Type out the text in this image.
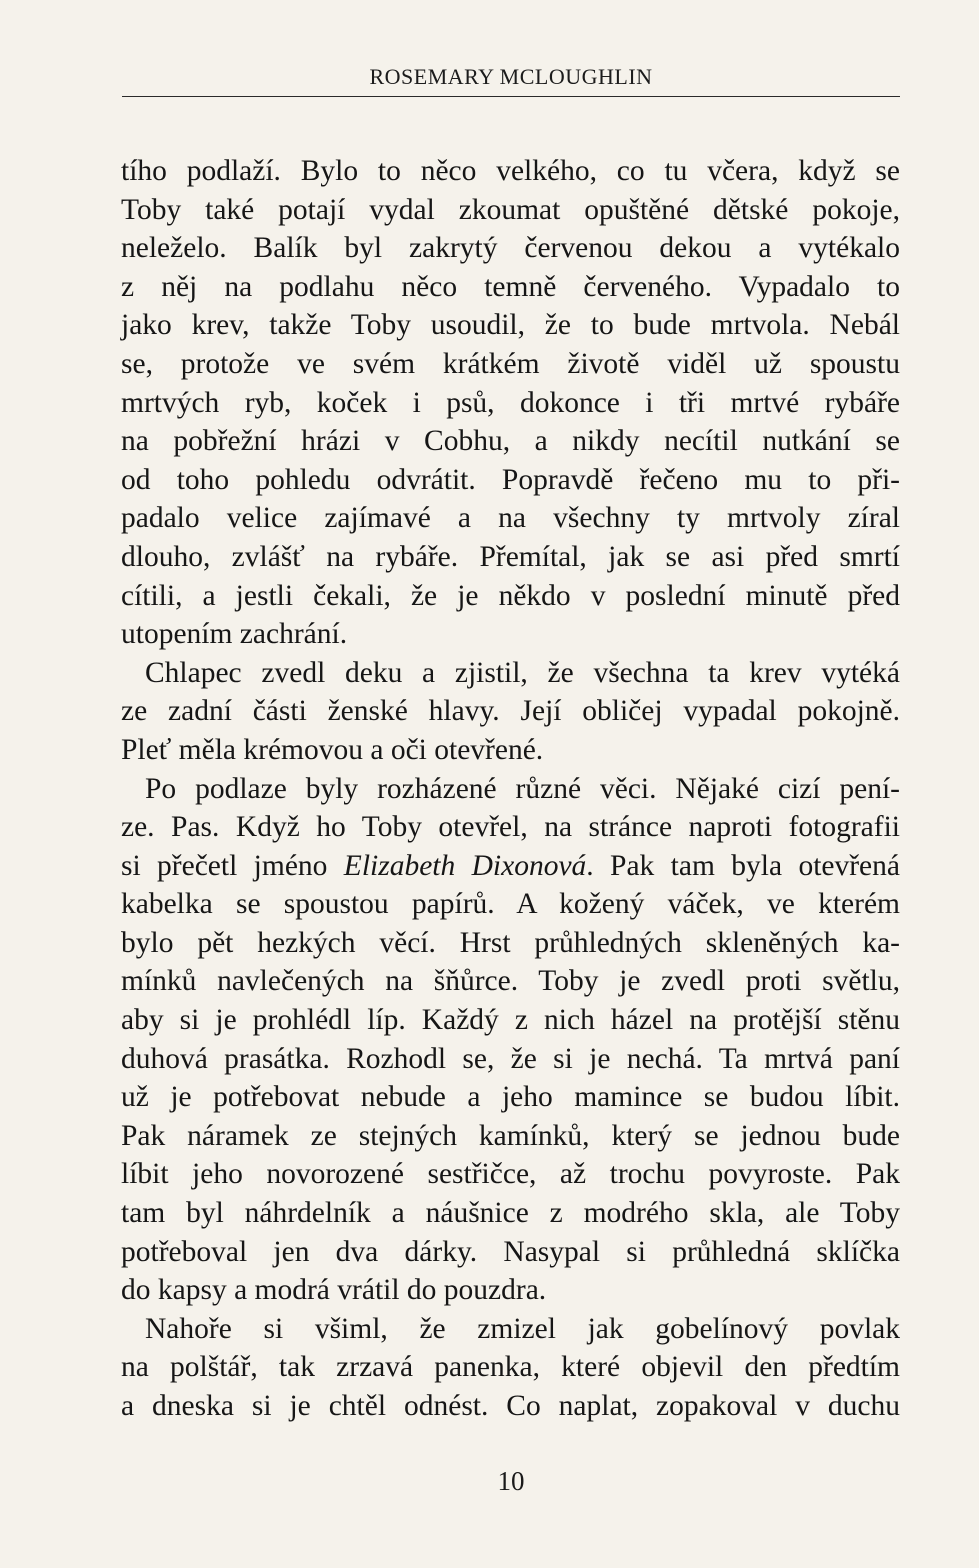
ROSEMARY MCLOUGHLIN
tího podlaží. Bylo to něco velkého, co tu včera, když se
Toby také potají vydal zkoumat opuštěné dětské pokoje,
neleželo. Balík byl zakrytý červenou dekou a vytékalo
z něj na podlahu něco temně červeného. Vypadalo to
jako krev, takže Toby usoudil, že to bude mrtvola. Nebál
se, protože ve svém krátkém životě viděl už spoustu
mrtvých ryb, koček i psů, dokonce i tři mrtvé rybáře
na pobřežní hrázi v Cobhu, a nikdy necítil nutkání se
od toho pohledu odvrátit. Popravdě řečeno mu to při-
padalo velice zajímavé a na všechny ty mrtvoly zíral
dlouho, zvlášť na rybáře. Přemítal, jak se asi před smrtí
cítili, a jestli čekali, že je někdo v poslední minutě před
utopením zachrání.
Chlapec zvedl deku a zjistil, že všechna ta krev vytéká
ze zadní části ženské hlavy. Její obličej vypadal pokojně.
Pleť měla krémovou a oči otevřené.
Po podlaze byly rozházené různé věci. Nějaké cizí pení-
ze. Pas. Když ho Toby otevřel, na stránce naproti fotografii
si přečetl jméno Elizabeth Dixonová. Pak tam byla otevřená
kabelka se spoustou papírů. A kožený váček, ve kterém
bylo pět hezkých věcí. Hrst průhledných skleněných ka-
mínků navlečených na šňůrce. Toby je zvedl proti světlu,
aby si je prohlédl líp. Každý z nich házel na protější stěnu
duhová prasátka. Rozhodl se, že si je nechá. Ta mrtvá paní
už je potřebovat nebude a jeho mamince se budou líbit.
Pak náramek ze stejných kamínků, který se jednou bude
líbit jeho novorozené sestřičce, až trochu povyroste. Pak
tam byl náhrdelník a náušnice z modrého skla, ale Toby
potřeboval jen dva dárky. Nasypal si průhledná sklíčka
do kapsy a modrá vrátil do pouzdra.
Nahoře si všiml, že zmizel jak gobelínový povlak
na polštář, tak zrzavá panenka, které objevil den předtím
a dneska si je chtěl odnést. Co naplat, zopakoval v duchu
10
